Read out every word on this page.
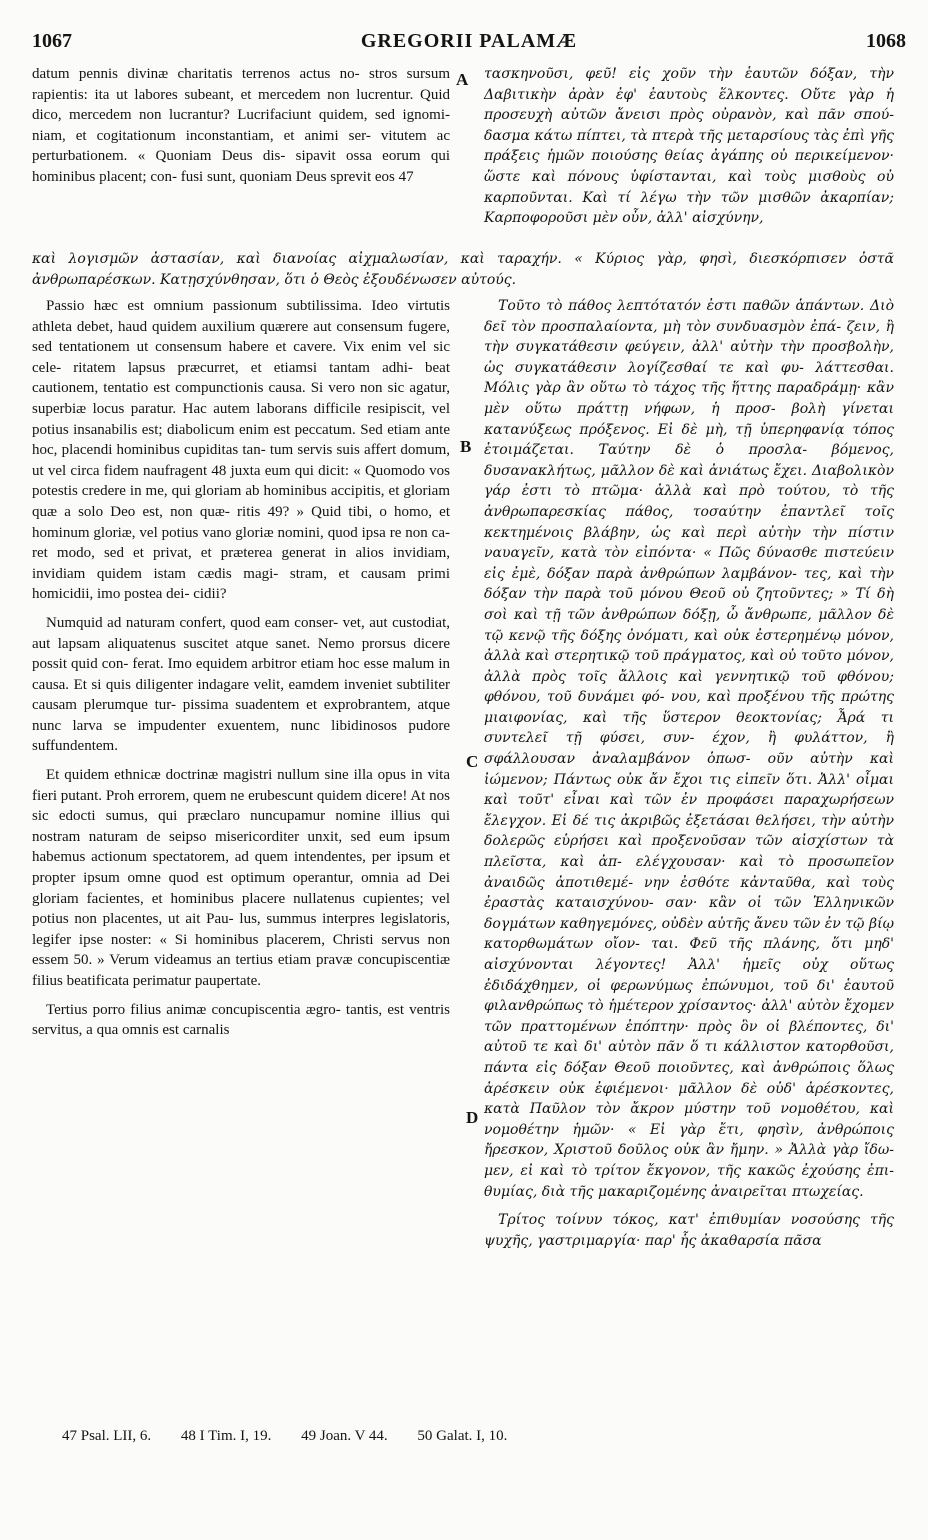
1067	GREGORII PALAMÆ	1068

datum pennis divinæ charitatis terrenos actus no- stros sursum rapientis: ita ut labores subeant, et mercedem non lucrentur. Quid dico, mercedem non lucrantur? Lucrifaciunt quidem, sed ignomi- niam, et cogitationum inconstantiam, et animi ser- vitutem ac perturbationem. « Quoniam Deus dis- sipavit ossa eorum qui hominibus placent; con- fusi sunt, quoniam Deus sprevit eos 47

τασκηνοῦσι, φεῦ! εἰς χοῦν τὴν ἑαυτῶν δόξαν, τὴν Δαβιτικὴν ἀρὰν ἐφ' ἑαυτοὺς ἕλκοντες. Οὔτε γὰρ ἡ προσευχὴ αὐτῶν ἄνεισι πρὸς οὐρανὸν, καὶ πᾶν σπού- δασμα κάτω πίπτει, τὰ πτερὰ τῆς μεταρσίους τὰς ἐπὶ γῆς πράξεις ἡμῶν ποιούσης θείας ἀγάπης οὐ περικείμενον· ὥστε καὶ πόνους ὑφίστανται, καὶ τοὺς μισθοὺς οὐ καρποῦνται. Καὶ τί λέγω τὴν τῶν μισθῶν ἀκαρπίαν; Καρποφοροῦσι μὲν οὖν, ἀλλ' αἰσχύνην,

καὶ λογισμῶν ἀστασίαν, καὶ διανοίας αἰχμαλωσίαν, καὶ ταραχήν. « Κύριος γὰρ, φησὶ, διεσκόρπισεν ὀστᾶ ἀνθρωπαρέσκων. Κατῃσχύνθησαν, ὅτι ὁ Θεὸς ἐξουδένωσεν αὐτούς.

Passio hæc est omnium passionum subtilissima. Ideo virtutis athleta debet, haud quidem auxilium quærere aut consensum fugere, sed tentationem ut consensum habere et cavere. Vix enim vel sic cele- ritatem lapsus præcurret, et etiamsi tantam adhi- beat cautionem, tentatio est compunctionis causa. Si vero non sic agatur, superbiæ locus paratur. Hac autem laborans difficile resipiscit, vel potius insanabilis est; diabolicum enim est peccatum. Sed etiam ante hoc, placendi hominibus cupiditas tan- tum servis suis affert domum, ut vel circa fidem naufragent 48 juxta eum qui dicit: « Quomodo vos potestis credere in me, qui gloriam ab hominibus accipitis, et gloriam quæ a solo Deo est, non quæ- ritis 49? » Quid tibi, o homo, et hominum gloriæ, vel potius vano gloriæ nomini, quod ipsa re non ca- ret modo, sed et privat, et præterea generat in alios invidiam, invidiam quidem istam cædis magi- stram, et causam primi homicidii, imo postea dei- cidii?

Numquid ad naturam confert, quod eam conser- vet, aut custodiat, aut lapsam aliquatenus suscitet atque sanet. Nemo prorsus dicere possit quid con- ferat. Imo equidem arbitror etiam hoc esse malum in causa. Et si quis diligenter indagare velit, eamdem inveniet subtiliter causam plerumque tur- pissima suadentem et exprobrantem, atque nunc larva se impudenter exuentem, nunc libidinosos pudore suffundentem.

Et quidem ethnicæ doctrinæ magistri nullum sine illa opus in vita fieri putant. Proh errorem, quem ne erubescunt quidem dicere! At nos sic edocti sumus, qui præclaro nuncupamur nomine illius qui nostram naturam de seipso misericorditer unxit, sed eum ipsum habemus actionum spectatorem, ad quem intendentes, per ipsum et propter ipsum omne quod est optimum operantur, omnia ad Dei gloriam facientes, et hominibus placere nullatenus cupientes; vel potius non placentes, ut ait Pau- lus, summus interpres legislatoris, legifer ipse noster: « Si hominibus placerem, Christi servus non essem 50. » Verum videamus an tertius etiam pravæ concupiscentiæ filius beatificata perimatur paupertate.

Tertius porro filius animæ concupiscentia ægro- tantis, est ventris servitus, a qua omnis est carnalis

Τοῦτο τὸ πάθος λεπτότατόν ἐστι παθῶν ἁπάντων. Διὸ δεῖ τὸν προσπαλαίοντα, μὴ τὸν συνδυασμὸν ἐπά- ζειν, ἢ τὴν συγκατάθεσιν φεύγειν, ἀλλ' αὐτὴν τὴν προσβολὴν, ὡς συγκατάθεσιν λογίζεσθαί τε καὶ φυ- λάττεσθαι. Μόλις γὰρ ἂν οὕτω τὸ τάχος τῆς ἥττης παραδράμῃ· κἂν μὲν οὕτω πράττῃ νήφων, ἡ προσ- βολὴ γίνεται κατανύξεως πρόξενος. Εἰ δὲ μὴ, τῇ ὑπερηφανίᾳ τόπος ἑτοιμάζεται. Ταύτην δὲ ὁ προσλα- βόμενος, δυσανακλήτως, μᾶλλον δὲ καὶ ἀνιάτως ἔχει. Διαβολικὸν γάρ ἐστι τὸ πτῶμα· ἀλλὰ καὶ πρὸ τούτου, τὸ τῆς ἀνθρωπαρεσκίας πάθος, τοσαύτην ἐπαντλεῖ τοῖς κεκτημένοις βλάβην, ὡς καὶ περὶ αὐτὴν τὴν πίστιν ναυαγεῖν, κατὰ τὸν εἰπόντα· « Πῶς δύνασθε πιστεύειν εἰς ἐμὲ, δόξαν παρὰ ἀνθρώπων λαμβάνον- τες, καὶ τὴν δόξαν τὴν παρὰ τοῦ μόνου Θεοῦ οὐ ζητοῦντες; » Τί δὴ σοὶ καὶ τῇ τῶν ἀνθρώπων δόξῃ, ὦ ἄνθρωπε, μᾶλλον δὲ τῷ κενῷ τῆς δόξης ὀνόματι, καὶ οὐκ ἐστερημένῳ μόνον, ἀλλὰ καὶ στερητικῷ τοῦ πράγματος, καὶ οὐ τοῦτο μόνον, ἀλλὰ πρὸς τοῖς ἄλλοις καὶ γεννητικῷ τοῦ φθόνου; φθόνου, τοῦ δυνάμει φό- νου, καὶ προξένου τῆς πρώτης μιαιφονίας, καὶ τῆς ὕστερον θεοκτονίας; Ἆρά τι συντελεῖ τῇ φύσει, συν- έχον, ἢ φυλάττον, ἢ σφάλλουσαν ἀναλαμβάνον ὁπωσ- οῦν αὐτὴν καὶ ἰώμενον; Πάντως οὐκ ἄν ἔχοι τις εἰπεῖν ὅτι. Ἀλλ' οἶμαι καὶ τοῦτ' εἶναι καὶ τῶν ἐν προφάσει παραχωρήσεων ἔλεγχον. Εἰ δέ τις ἀκριβῶς ἐξετάσαι θελήσει, τὴν αὐτὴν δολερῶς εὑρήσει καὶ προξενοῦσαν τῶν αἰσχίστων τὰ πλεῖστα, καὶ ἀπ- ελέγχουσαν· καὶ τὸ προσωπεῖον ἀναιδῶς ἀποτιθεμέ- νην ἐσθότε κἀνταῦθα, καὶ τοὺς ἐραστὰς καταισχύνου- σαν· κἂν οἱ τῶν Ἑλληνικῶν δογμάτων καθηγεμόνες, οὐδὲν αὐτῆς ἄνευ τῶν ἐν τῷ βίῳ κατορθωμάτων οἴον- ται. Φεῦ τῆς πλάνης, ὅτι μηδ' αἰσχύνονται λέγοντες! Ἀλλ' ἡμεῖς οὐχ οὕτως ἐδιδάχθημεν, οἱ φερωνύμως ἐπώνυμοι, τοῦ δι' ἑαυτοῦ φιλανθρώπως τὸ ἡμέτερον χρίσαντος· ἀλλ' αὐτὸν ἔχομεν τῶν πραττομένων ἐπόπτην· πρὸς ὃν οἱ βλέποντες, δι' αὐτοῦ τε καὶ δι' αὐτὸν πᾶν ὅ τι κάλλιστον κατορθοῦσι, πάντα εἰς δόξαν Θεοῦ ποιοῦντες, καὶ ἀνθρώποις ὅλως ἀρέσκειν οὐκ ἐφιέμενοι· μᾶλλον δὲ οὐδ' ἀρέσκοντες, κατὰ Παῦλον τὸν ἄκρον μύστην τοῦ νομοθέτου, καὶ νομοθέτην ἡμῶν· « Εἰ γὰρ ἔτι, φησὶν, ἀνθρώποις ἤρεσκον, Χριστοῦ δοῦλος οὐκ ἂν ἤμην. » Ἀλλὰ γὰρ ἴδω- μεν, εἰ καὶ τὸ τρίτον ἔκγονον, τῆς κακῶς ἐχούσης ἐπι- θυμίας, διὰ τῆς μακαριζομένης ἀναιρεῖται πτωχείας.

Τρίτος τοίνυν τόκος, κατ' ἐπιθυμίαν νοσούσης τῆς ψυχῆς, γαστριμαργία· παρ' ἧς ἀκαθαρσία πᾶσα

A
B
C
D
47 Psal. LII, 6. 48 I Tim. I, 19. 49 Joan. V 44. 50 Galat. I, 10.
